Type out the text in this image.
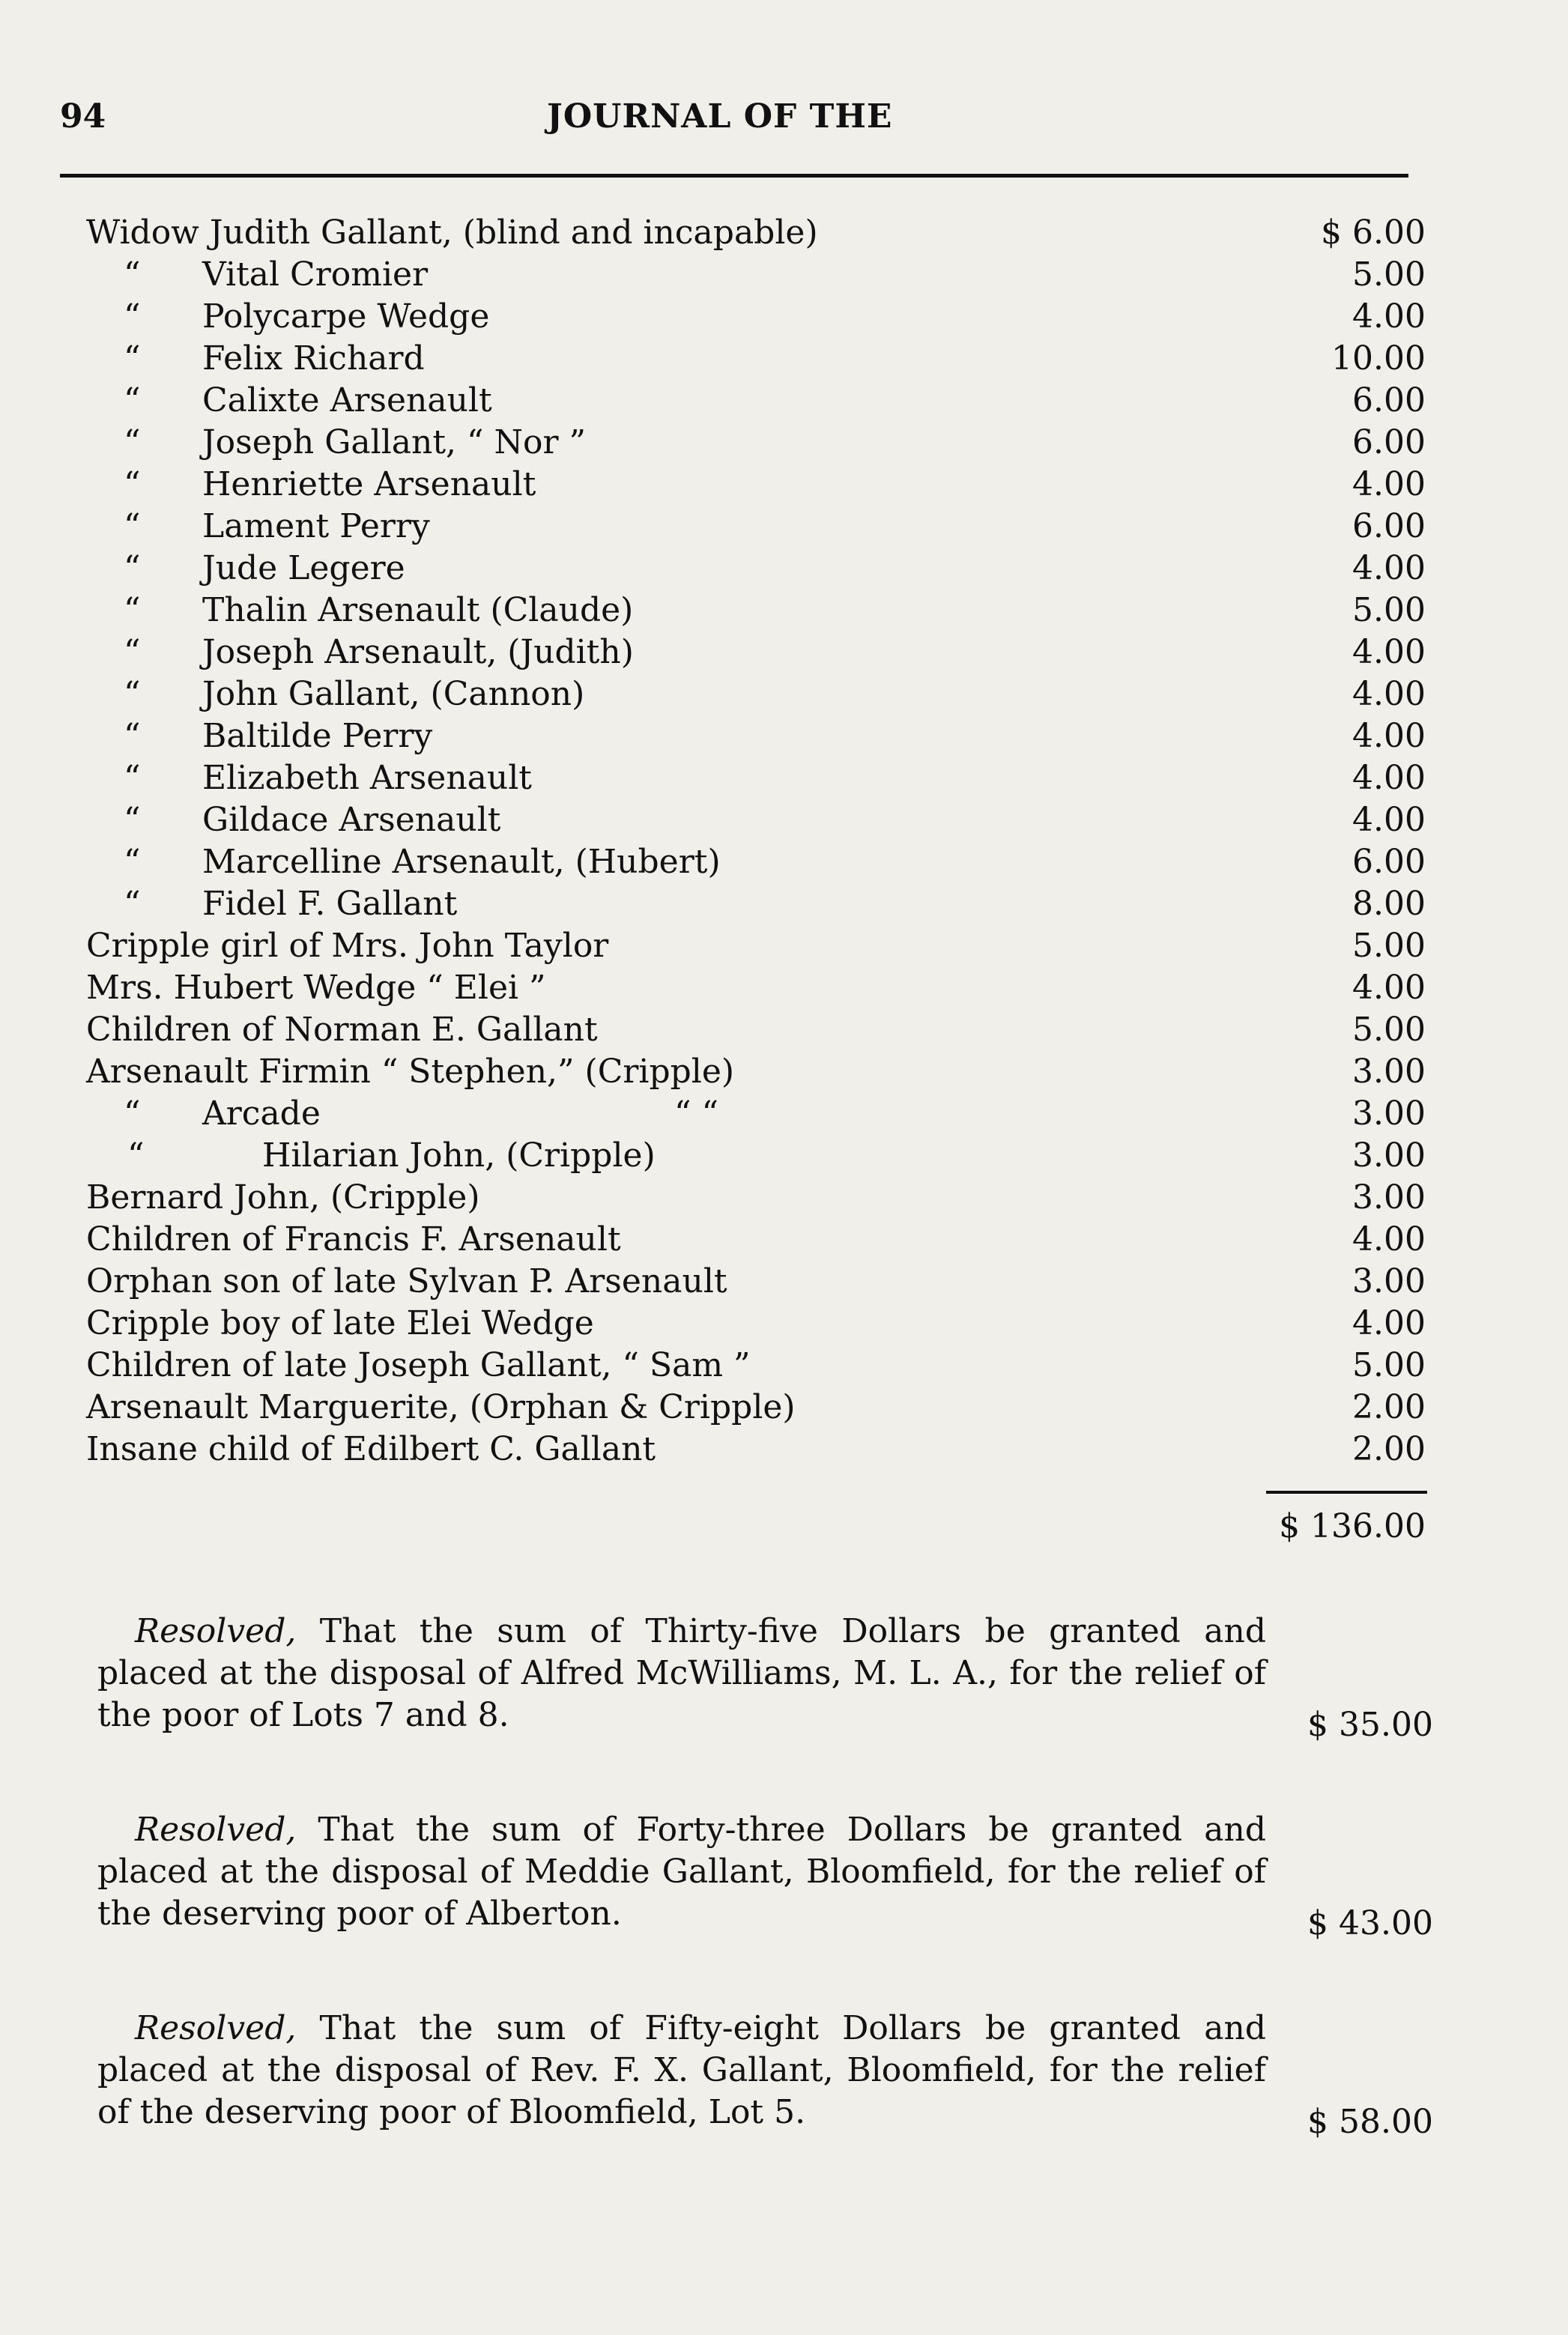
94	JOURNAL OF THE
Widow Judith Gallant, (blind and incapable)	$ 6.00
“	Vital Cromier	5.00
“	Polycarpe Wedge	4.00
“	Felix Richard	10.00
“	Calixte Arsenault	6.00
“	Joseph Gallant, “ Nor ”	6.00
“	Henriette Arsenault	4.00
“	Lament Perry	6.00
“	Jude Legere	4.00
“	Thalin Arsenault (Claude)	5.00
“	Joseph Arsenault, (Judith)	4.00
“	John Gallant, (Cannon)	4.00
“	Baltilde Perry	4.00
“	Elizabeth Arsenault	4.00
“	Gildace Arsenault	4.00
“	Marcelline Arsenault, (Hubert)	6.00
“	Fidel F. Gallant	8.00
Cripple girl of Mrs. John Taylor	5.00
Mrs. Hubert Wedge “ Elei ”	4.00
Children of Norman E. Gallant	5.00
Arsenault Firmin “ Stephen,” (Cripple)	3.00
“	Arcade	“ “	3.00
“	Hilarian John, (Cripple)	3.00
Bernard John, (Cripple)	3.00
Children of Francis F. Arsenault	4.00
Orphan son of late Sylvan P. Arsenault	3.00
Cripple boy of late Elei Wedge	4.00
Children of late Joseph Gallant, “ Sam ”	5.00
Arsenault Marguerite, (Orphan & Cripple)	2.00
Insane child of Edilbert C. Gallant	2.00
$ 136.00
Resolved, That the sum of Thirty-five Dollars be granted and placed at the disposal of Alfred McWilliams, M. L. A., for the relief of the poor of Lots 7 and 8.	$ 35.00
Resolved, That the sum of Forty-three Dollars be granted and placed at the disposal of Meddie Gallant, Bloomfield, for the relief of the deserving poor of Alberton.	$ 43.00
Resolved, That the sum of Fifty-eight Dollars be granted and placed at the disposal of Rev. F. X. Gallant, Bloomfield, for the relief of the deserving poor of Bloomfield, Lot 5.	$ 58.00
